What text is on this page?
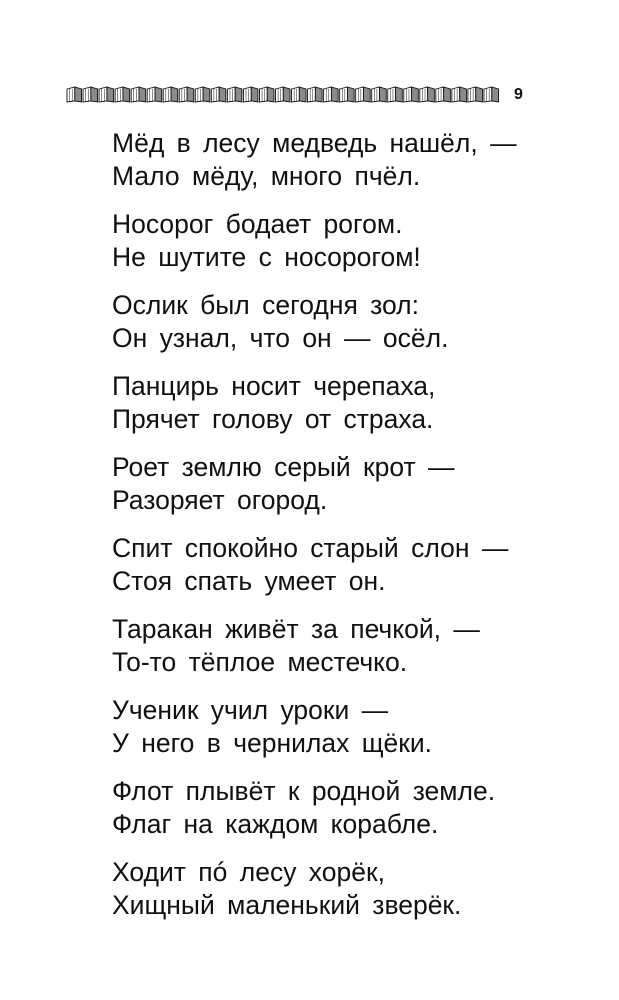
9
Мёд в лесу медведь нашёл, —
Мало мёду, много пчёл.
Носорог бодает рогом.
Не шутите с носорогом!
Ослик был сегодня зол:
Он узнал, что он — осёл.
Панцирь носит черепаха,
Прячет голову от страха.
Роет землю серый крот —
Разоряет огород.
Спит спокойно старый слон —
Стоя спать умеет он.
Таракан живёт за печкой, —
То-то тёплое местечко.
Ученик учил уроки —
У него в чернилах щёки.
Флот плывёт к родной земле.
Флаг на каждом корабле.
Ходит пó лесу хорёк,
Хищный маленький зверёк.
